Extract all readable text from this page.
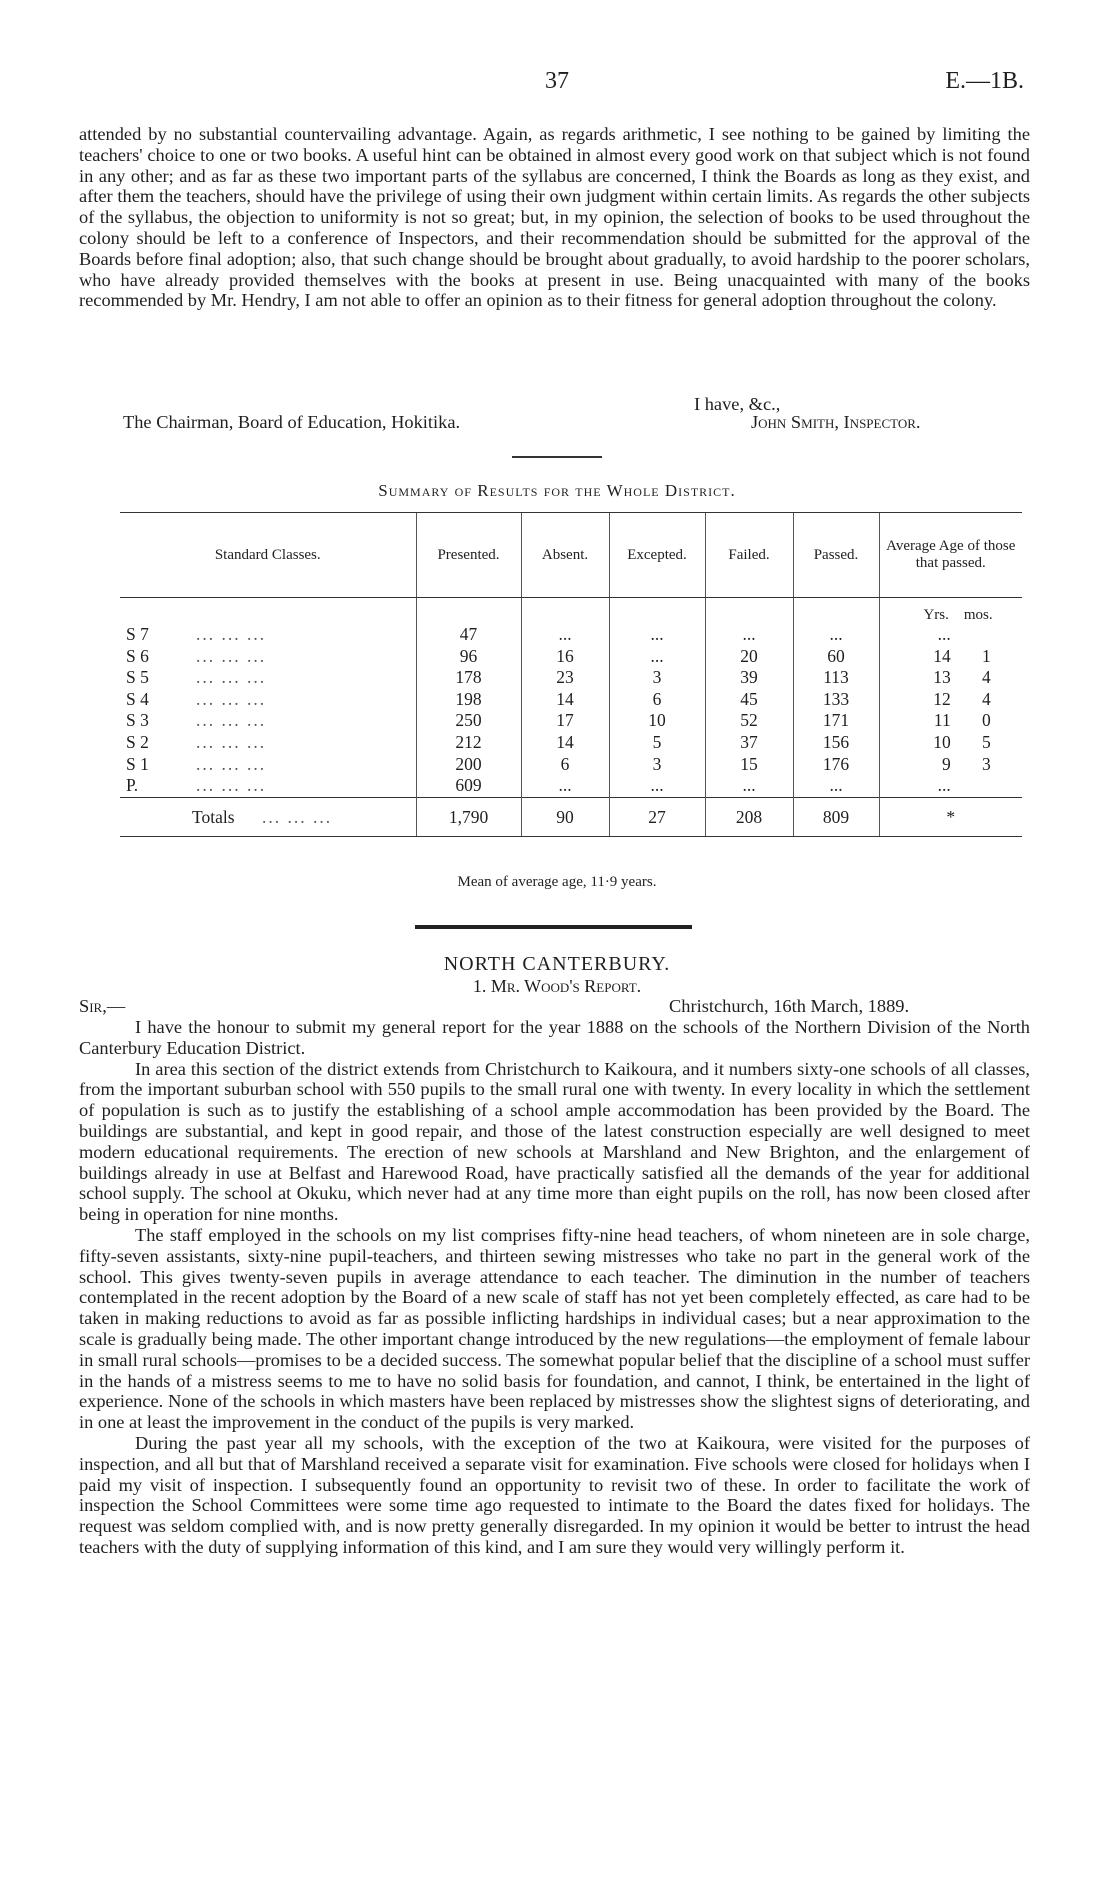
37	E.—1B.

attended by no substantial countervailing advantage. Again, as regards arithmetic, I see nothing to be gained by limiting the teachers' choice to one or two books. A useful hint can be obtained in almost every good work on that subject which is not found in any other; and as far as these two important parts of the syllabus are concerned, I think the Boards as long as they exist, and after them the teachers, should have the privilege of using their own judgment within certain limits. As regards the other subjects of the syllabus, the objection to uniformity is not so great; but, in my opinion, the selection of books to be used throughout the colony should be left to a conference of Inspectors, and their recommendation should be submitted for the approval of the Boards before final adoption; also, that such change should be brought about gradually, to avoid hardship to the poorer scholars, who have already provided themselves with the books at present in use. Being unacquainted with many of the books recommended by Mr. Hendry, I am not able to offer an opinion as to their fitness for general adoption throughout the colony.

I have, &c.,
The Chairman, Board of Education, Hokitika.	John Smith, Inspector.
Summary of Results for the Whole District.
Standard Classes.	Presented.	Absent.	Excepted.	Failed.	Passed.	Average Age of those that passed.
						Yrs. mos.
S 7 ... ... ...	47	...	...	...	...	...
S 6 ... ... ...	96	16	...	20	60	14 1
S 5 ... ... ...	178	23	3	39	113	13 4
S 4 ... ... ...	198	14	6	45	133	12 4
S 3 ... ... ...	250	17	10	52	171	11 0
S 2 ... ... ...	212	14	5	37	156	10 5
S 1 ... ... ...	200	6	3	15	176	9 3
P. ... ... ...	609	...	...	...	...	...
Totals ... ... ...	1,790	90	27	208	809	*
Mean of average age, 11·9 years.
NORTH CANTERBURY.
1. Mr. Wood's Report.
Sir,—	Christchurch, 16th March, 1889.

I have the honour to submit my general report for the year 1888 on the schools of the Northern Division of the North Canterbury Education District.

In area this section of the district extends from Christchurch to Kaikoura, and it numbers sixty-one schools of all classes, from the important suburban school with 550 pupils to the small rural one with twenty. In every locality in which the settlement of population is such as to justify the establishing of a school ample accommodation has been provided by the Board. The buildings are substantial, and kept in good repair, and those of the latest construction especially are well designed to meet modern educational requirements. The erection of new schools at Marshland and New Brighton, and the enlargement of buildings already in use at Belfast and Harewood Road, have practically satisfied all the demands of the year for additional school supply. The school at Okuku, which never had at any time more than eight pupils on the roll, has now been closed after being in operation for nine months.

The staff employed in the schools on my list comprises fifty-nine head teachers, of whom nineteen are in sole charge, fifty-seven assistants, sixty-nine pupil-teachers, and thirteen sewing mistresses who take no part in the general work of the school. This gives twenty-seven pupils in average attendance to each teacher. The diminution in the number of teachers contemplated in the recent adoption by the Board of a new scale of staff has not yet been completely effected, as care had to be taken in making reductions to avoid as far as possible inflicting hardships in individual cases; but a near approximation to the scale is gradually being made. The other important change introduced by the new regulations—the employment of female labour in small rural schools—promises to be a decided success. The somewhat popular belief that the discipline of a school must suffer in the hands of a mistress seems to me to have no solid basis for foundation, and cannot, I think, be entertained in the light of experience. None of the schools in which masters have been replaced by mistresses show the slightest signs of deteriorating, and in one at least the improvement in the conduct of the pupils is very marked.

During the past year all my schools, with the exception of the two at Kaikoura, were visited for the purposes of inspection, and all but that of Marshland received a separate visit for examination. Five schools were closed for holidays when I paid my visit of inspection. I subsequently found an opportunity to revisit two of these. In order to facilitate the work of inspection the School Committees were some time ago requested to intimate to the Board the dates fixed for holidays. The request was seldom complied with, and is now pretty generally disregarded. In my opinion it would be better to intrust the head teachers with the duty of supplying information of this kind, and I am sure they would very willingly perform it.
